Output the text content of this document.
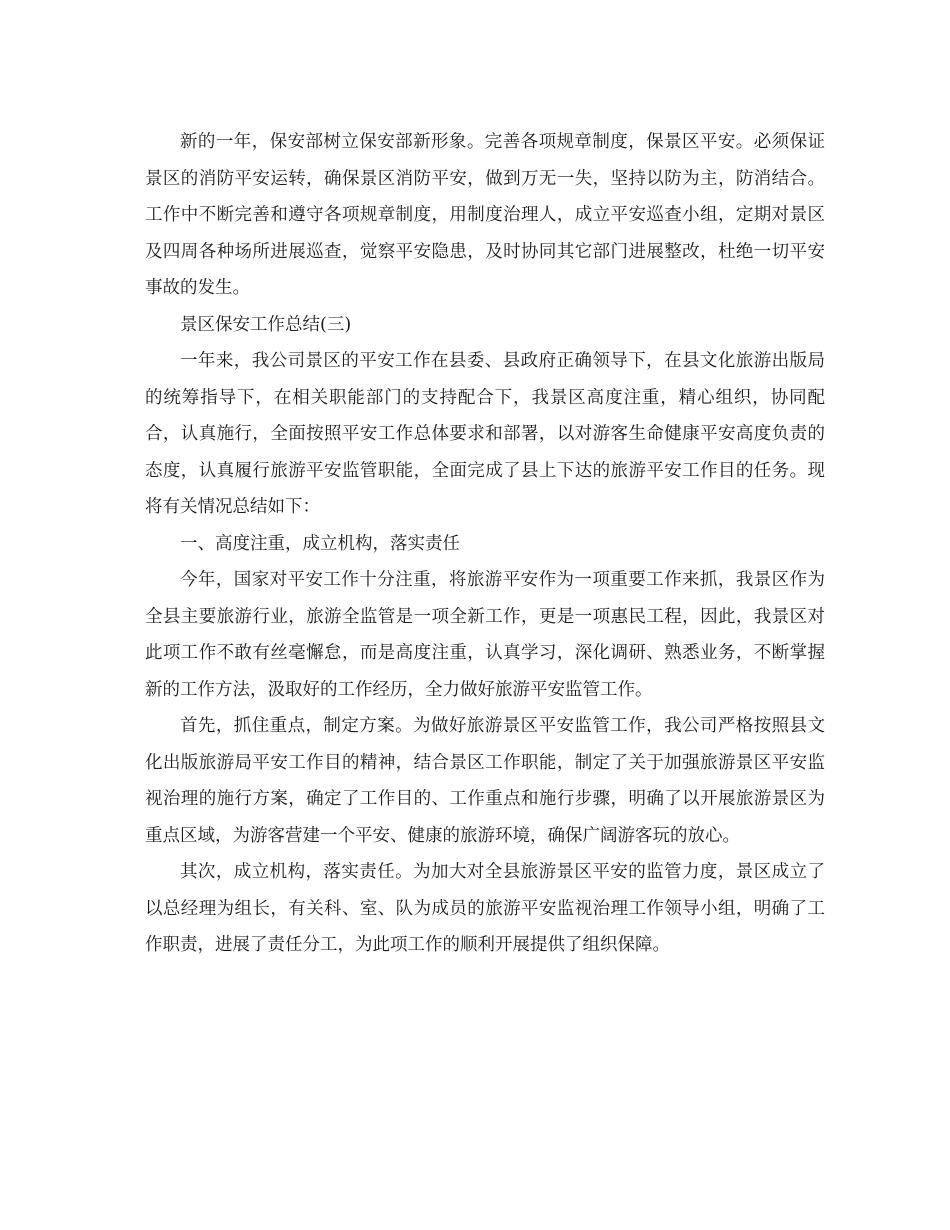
新的一年，保安部树立保安部新形象。完善各项规章制度，保景区平安。必须保证景区的消防平安运转，确保景区消防平安，做到万无一失，坚持以防为主，防消结合。工作中不断完善和遵守各项规章制度，用制度治理人，成立平安巡查小组，定期对景区及四周各种场所进展巡查，觉察平安隐患，及时协同其它部门进展整改，杜绝一切平安事故的发生。

景区保安工作总结(三)

一年来，我公司景区的平安工作在县委、县政府正确领导下，在县文化旅游出版局的统筹指导下，在相关职能部门的支持配合下，我景区高度注重，精心组织，协同配合，认真施行，全面按照平安工作总体要求和部署，以对游客生命健康平安高度负责的态度，认真履行旅游平安监管职能，全面完成了县上下达的旅游平安工作目的任务。现将有关情况总结如下：

一、高度注重，成立机构，落实责任

今年，国家对平安工作十分注重，将旅游平安作为一项重要工作来抓，我景区作为全县主要旅游行业，旅游全监管是一项全新工作，更是一项惠民工程，因此，我景区对此项工作不敢有丝毫懈怠，而是高度注重，认真学习，深化调研、熟悉业务，不断掌握新的工作方法，汲取好的工作经历，全力做好旅游平安监管工作。

首先，抓住重点，制定方案。为做好旅游景区平安监管工作，我公司严格按照县文化出版旅游局平安工作目的精神，结合景区工作职能，制定了关于加强旅游景区平安监视治理的施行方案，确定了工作目的、工作重点和施行步骤，明确了以开展旅游景区为重点区域，为游客营建一个平安、健康的旅游环境，确保广阔游客玩的放心。

其次，成立机构，落实责任。为加大对全县旅游景区平安的监管力度，景区成立了以总经理为组长，有关科、室、队为成员的旅游平安监视治理工作领导小组，明确了工作职责，进展了责任分工，为此项工作的顺利开展提供了组织保障。
